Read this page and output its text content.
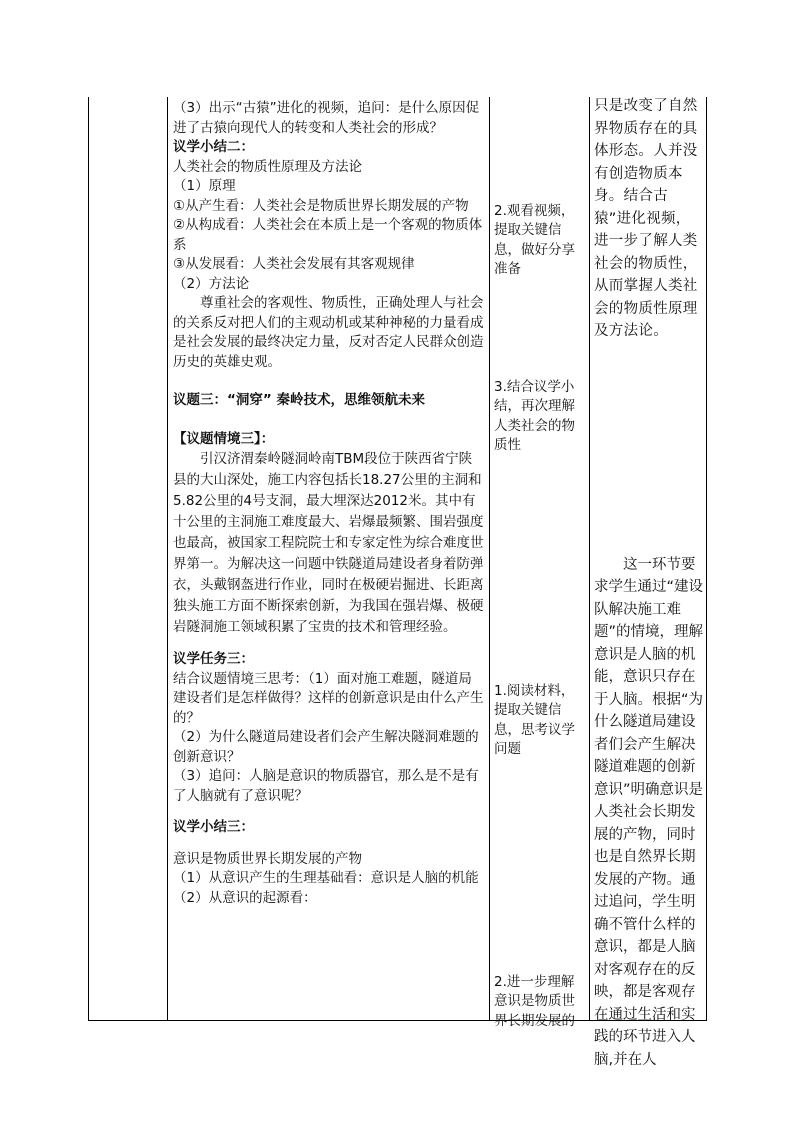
（3）出示“古猿”进化的视频，追问：是什么原因促进了古猿向现代人的转变和人类社会的形成？

议学小结二：

人类社会的物质性原理及方法论

（1）原理

①从产生看：人类社会是物质世界长期发展的产物

②从构成看：人类社会在本质上是一个客观的物质体系

③从发展看：人类社会发展有其客观规律

（2）方法论

尊重社会的客观性、物质性，正确处理人与社会的关系反对把人们的主观动机或某种神秘的力量看成是社会发展的最终决定力量，反对否定人民群众创造历史的英雄史观。

议题三：“洞穿” 秦岭技术，思维领航未来

【议题情境三】：

引汉济渭秦岭隧洞岭南TBM段位于陕西省宁陕县的大山深处，施工内容包括长18.27公里的主洞和5.82公里的4号支洞，最大埋深达2012米。其中有十公里的主洞施工难度最大、岩爆最频繁、围岩强度也最高，被国家工程院院士和专家定性为综合难度世界第一。为解决这一问题中铁隧道局建设者身着防弹衣，头戴钢盔进行作业，同时在极硬岩掘进、长距离独头施工方面不断探索创新，为我国在强岩爆、极硬岩隧洞施工领域积累了宝贵的技术和管理经验。

议学任务三：

结合议题情境三思考：（1）面对施工难题，隧道局建设者们是怎样做得？这样的创新意识是由什么产生的？

（2）为什么隧道局建设者们会产生解决隧洞难题的创新意识？

（3）追问：人脑是意识的物质器官，那么是不是有了人脑就有了意识呢？

议学小结三：

意识是物质世界长期发展的产物

（1）从意识产生的生理基础看：意识是人脑的机能

（2）从意识的起源看：

2.观看视频，提取关键信息，做好分享准备

3.结合议学小结，再次理解人类社会的物质性

1.阅读材料，提取关键信息，思考议学问题

2.进一步理解意识是物质世界长期发展的

只是改变了自然界物质存在的具体形态。人并没有创造物质本身。结合古猿”进化视频，进一步了解人类社会的物质性，从而掌握人类社会的物质性原理及方法论。

这一环节要求学生通过“建设队解决施工难题”的情境，理解意识是人脑的机能，意识只存在于人脑。根据“为什么隧道局建设者们会产生解决隧道难题的创新意识”明确意识是人类社会长期发展的产物，同时也是自然界长期发展的产物。通过追问，学生明确不管什么样的意识，都是人脑对客观存在的反映，都是客观存在通过生活和实践的环节进入人脑,并在人
